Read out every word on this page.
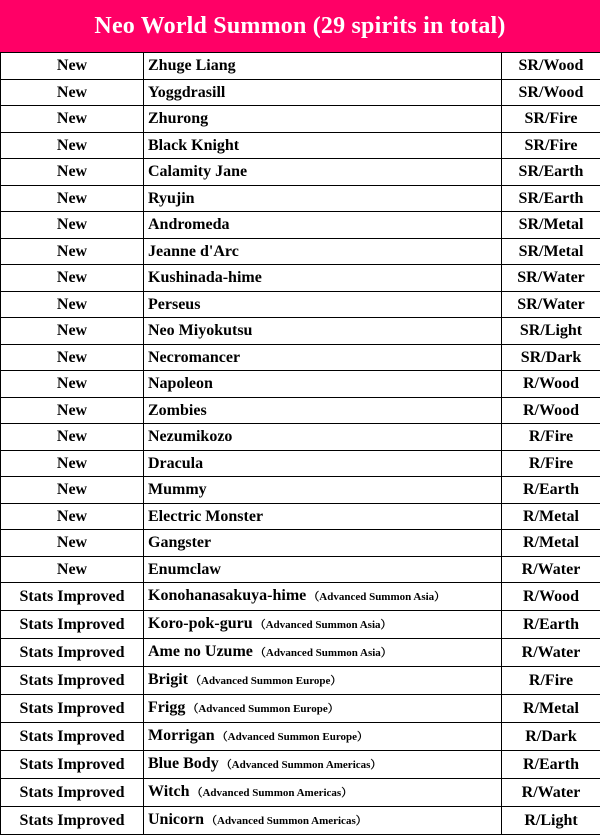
Neo World Summon (29 spirits in total)
New	Zhuge Liang	SR/Wood
New	Yoggdrasill	SR/Wood
New	Zhurong	SR/Fire
New	Black Knight	SR/Fire
New	Calamity Jane	SR/Earth
New	Ryujin	SR/Earth
New	Andromeda	SR/Metal
New	Jeanne d'Arc	SR/Metal
New	Kushinada-hime	SR/Water
New	Perseus	SR/Water
New	Neo Miyokutsu	SR/Light
New	Necromancer	SR/Dark
New	Napoleon	R/Wood
New	Zombies	R/Wood
New	Nezumikozo	R/Fire
New	Dracula	R/Fire
New	Mummy	R/Earth
New	Electric Monster	R/Metal
New	Gangster	R/Metal
New	Enumclaw	R/Water
Stats Improved	Konohanasakuya-hime （Advanced Summon Asia）	R/Wood
Stats Improved	Koro-pok-guru （Advanced Summon Asia）	R/Earth
Stats Improved	Ame no Uzume （Advanced Summon Asia）	R/Water
Stats Improved	Brigit （Advanced Summon Europe）	R/Fire
Stats Improved	Frigg （Advanced Summon Europe）	R/Metal
Stats Improved	Morrigan （Advanced Summon Europe）	R/Dark
Stats Improved	Blue Body （Advanced Summon Americas）	R/Earth
Stats Improved	Witch （Advanced Summon Americas）	R/Water
Stats Improved	Unicorn （Advanced Summon Americas）	R/Light
